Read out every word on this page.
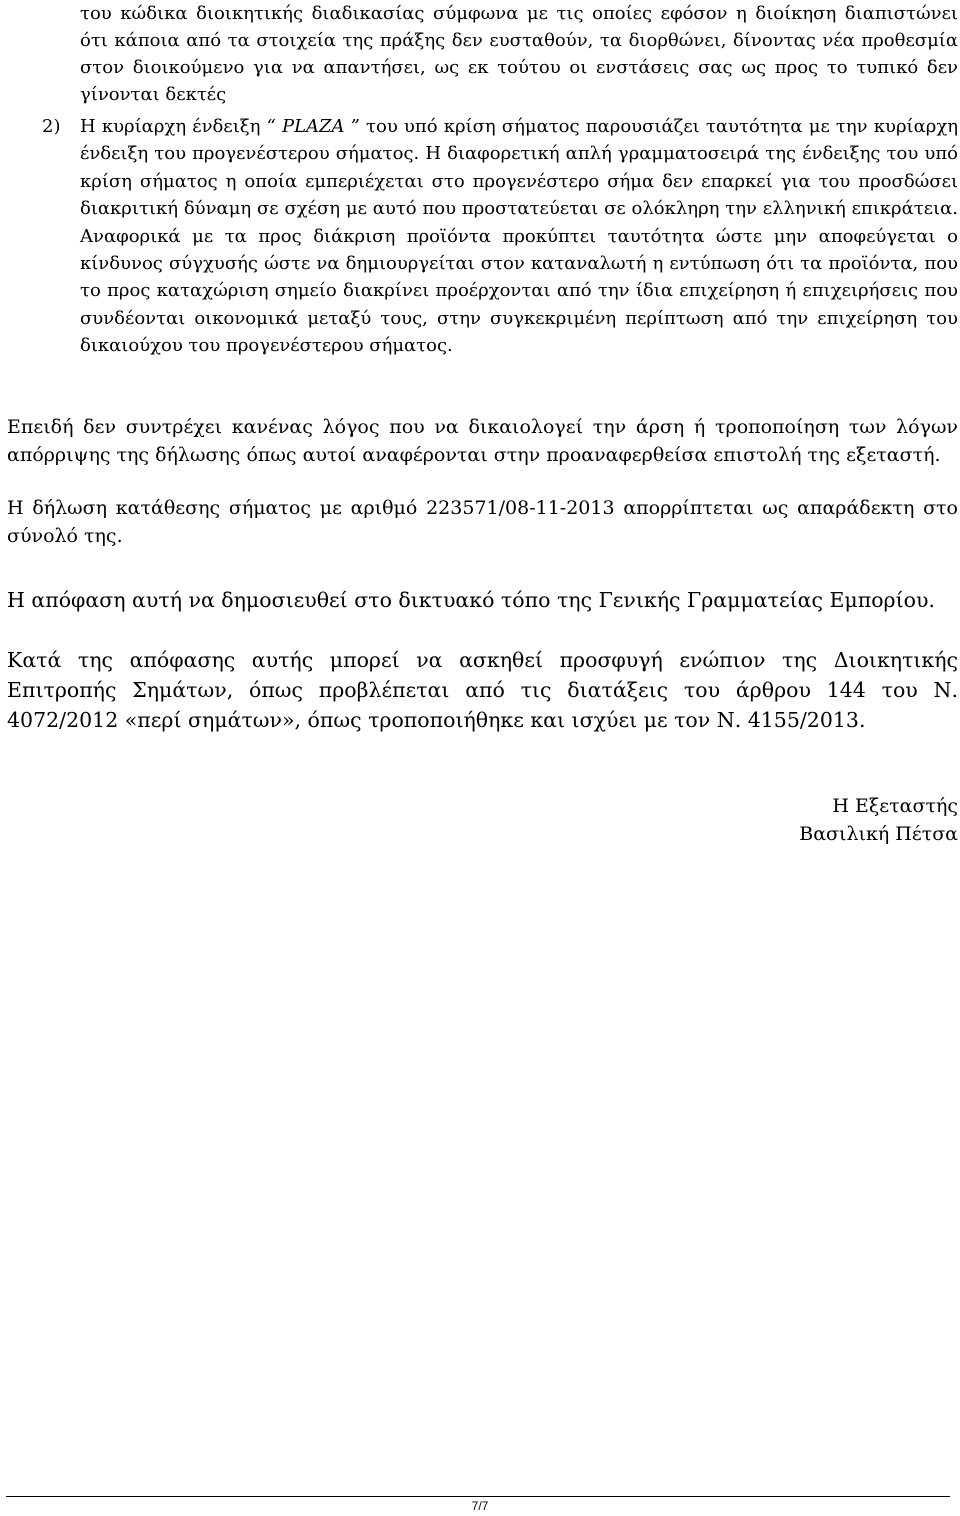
του κώδικα διοικητικής διαδικασίας σύμφωνα με τις οποίες εφόσον η διοίκηση διαπιστώνει ότι κάποια από τα στοιχεία της πράξης δεν ευσταθούν, τα διορθώνει, δίνοντας νέα προθεσμία στον διοικούμενο για να απαντήσει, ως εκ τούτου οι ενστάσεις σας ως προς το τυπικό δεν γίνονται δεκτές

2) Η κυρίαρχη ένδειξη “ PLAZA ” του υπό κρίση σήματος παρουσιάζει ταυτότητα με την κυρίαρχη ένδειξη του προγενέστερου σήματος. Η διαφορετική απλή γραμματοσειρά της ένδειξης του υπό κρίση σήματος η οποία εμπεριέχεται στο προγενέστερο σήμα δεν επαρκεί για του προσδώσει διακριτική δύναμη σε σχέση με αυτό που προστατεύεται σε ολόκληρη την ελληνική επικράτεια. Αναφορικά με τα προς διάκριση προϊόντα προκύπτει ταυτότητα ώστε μην αποφεύγεται ο κίνδυνος σύγχυσής ώστε να δημιουργείται στον καταναλωτή η εντύπωση ότι τα προϊόντα, που το προς καταχώριση σημείο διακρίνει προέρχονται από την ίδια επιχείρηση ή επιχειρήσεις που συνδέονται οικονομικά μεταξύ τους, στην συγκεκριμένη περίπτωση από την επιχείρηση του δικαιούχου του προγενέστερου σήματος.

Επειδή δεν συντρέχει κανένας λόγος που να δικαιολογεί την άρση ή τροποποίηση των λόγων απόρριψης της δήλωσης όπως αυτοί αναφέρονται στην προαναφερθείσα επιστολή της εξεταστή.

Η δήλωση κατάθεσης σήματος με αριθμό 223571/08-11-2013 απορρίπτεται ως απαράδεκτη στο σύνολό της.

Η απόφαση αυτή να δημοσιευθεί στο δικτυακό τόπο της Γενικής Γραμματείας Εμπορίου.

Κατά της απόφασης αυτής μπορεί να ασκηθεί προσφυγή ενώπιον της Διοικητικής Επιτροπής Σημάτων, όπως προβλέπεται από τις διατάξεις του άρθρου 144 του Ν. 4072/2012 «περί σημάτων», όπως τροποποιήθηκε και ισχύει με τον Ν. 4155/2013.

Η Εξεταστής
Βασιλική Πέτσα
7/7
